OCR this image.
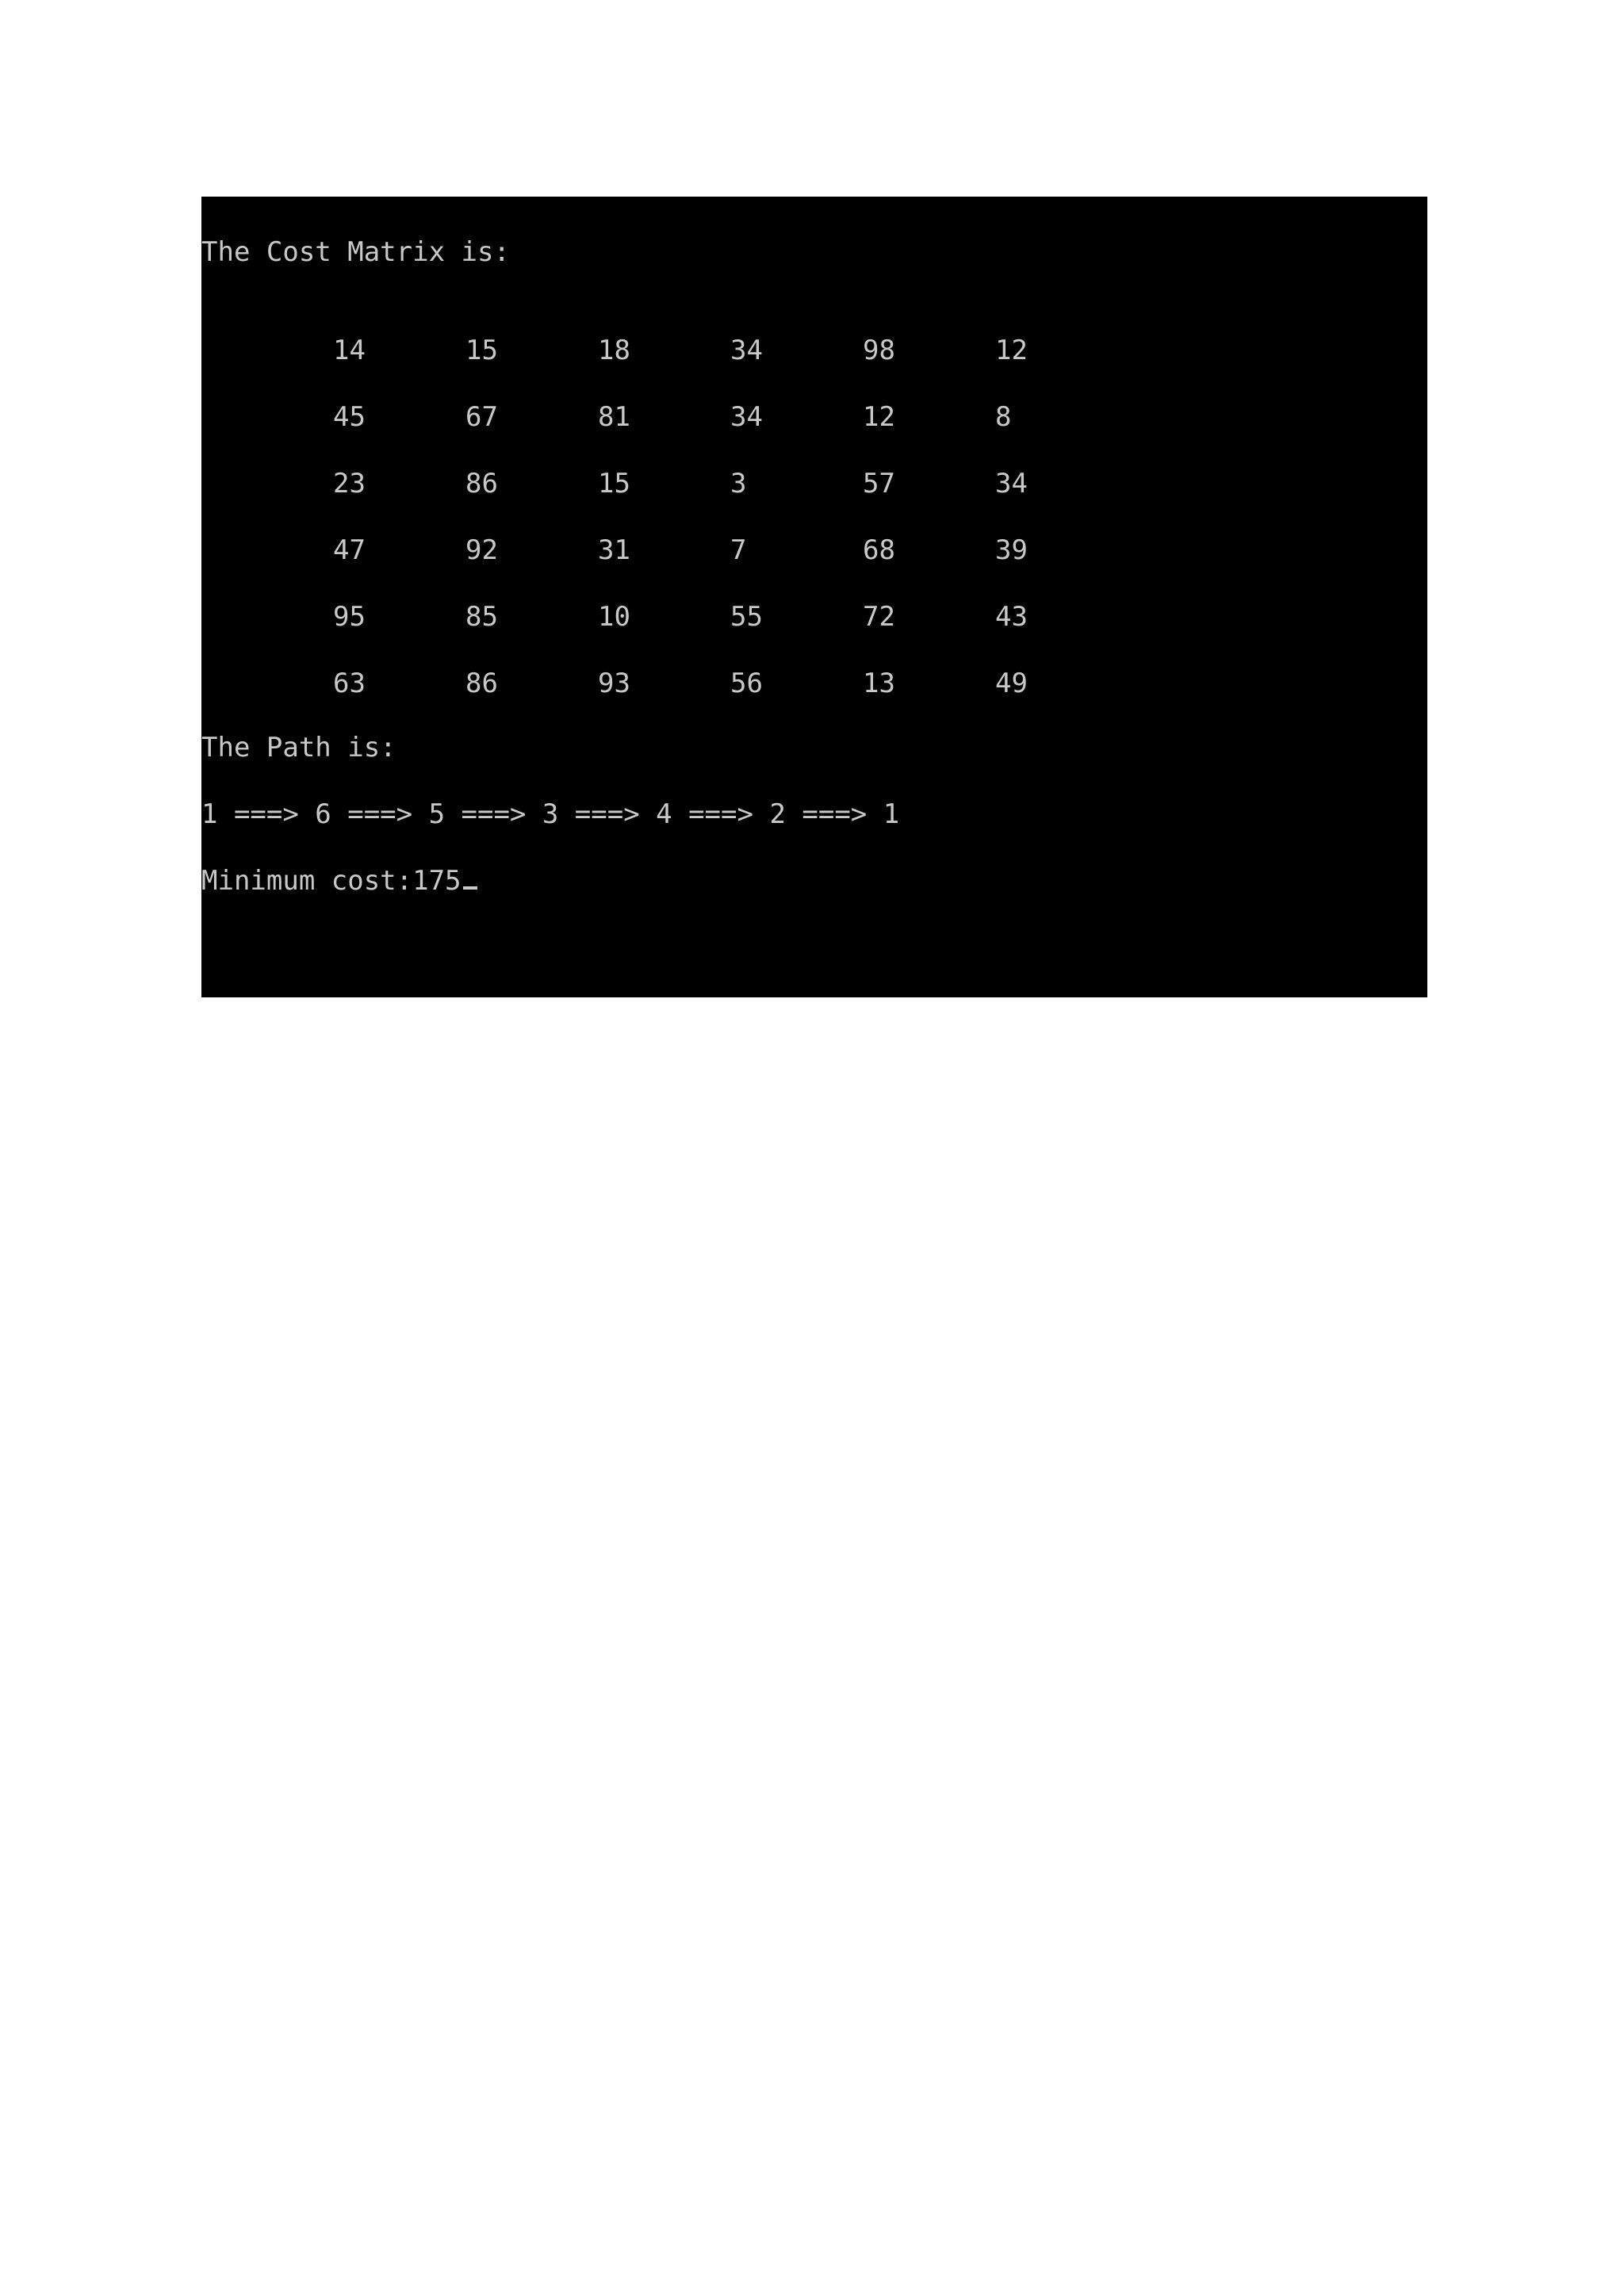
The Cost Matrix is:
14	15	18	34	98	12
45	67	81	34	12	8
23	86	15	3	57	34
47	92	31	7	68	39
95	85	10	55	72	43
63	86	93	56	13	49
The Path is:
1 ===> 6 ===> 5 ===> 3 ===> 4 ===> 2 ===> 1
Minimum cost:175
